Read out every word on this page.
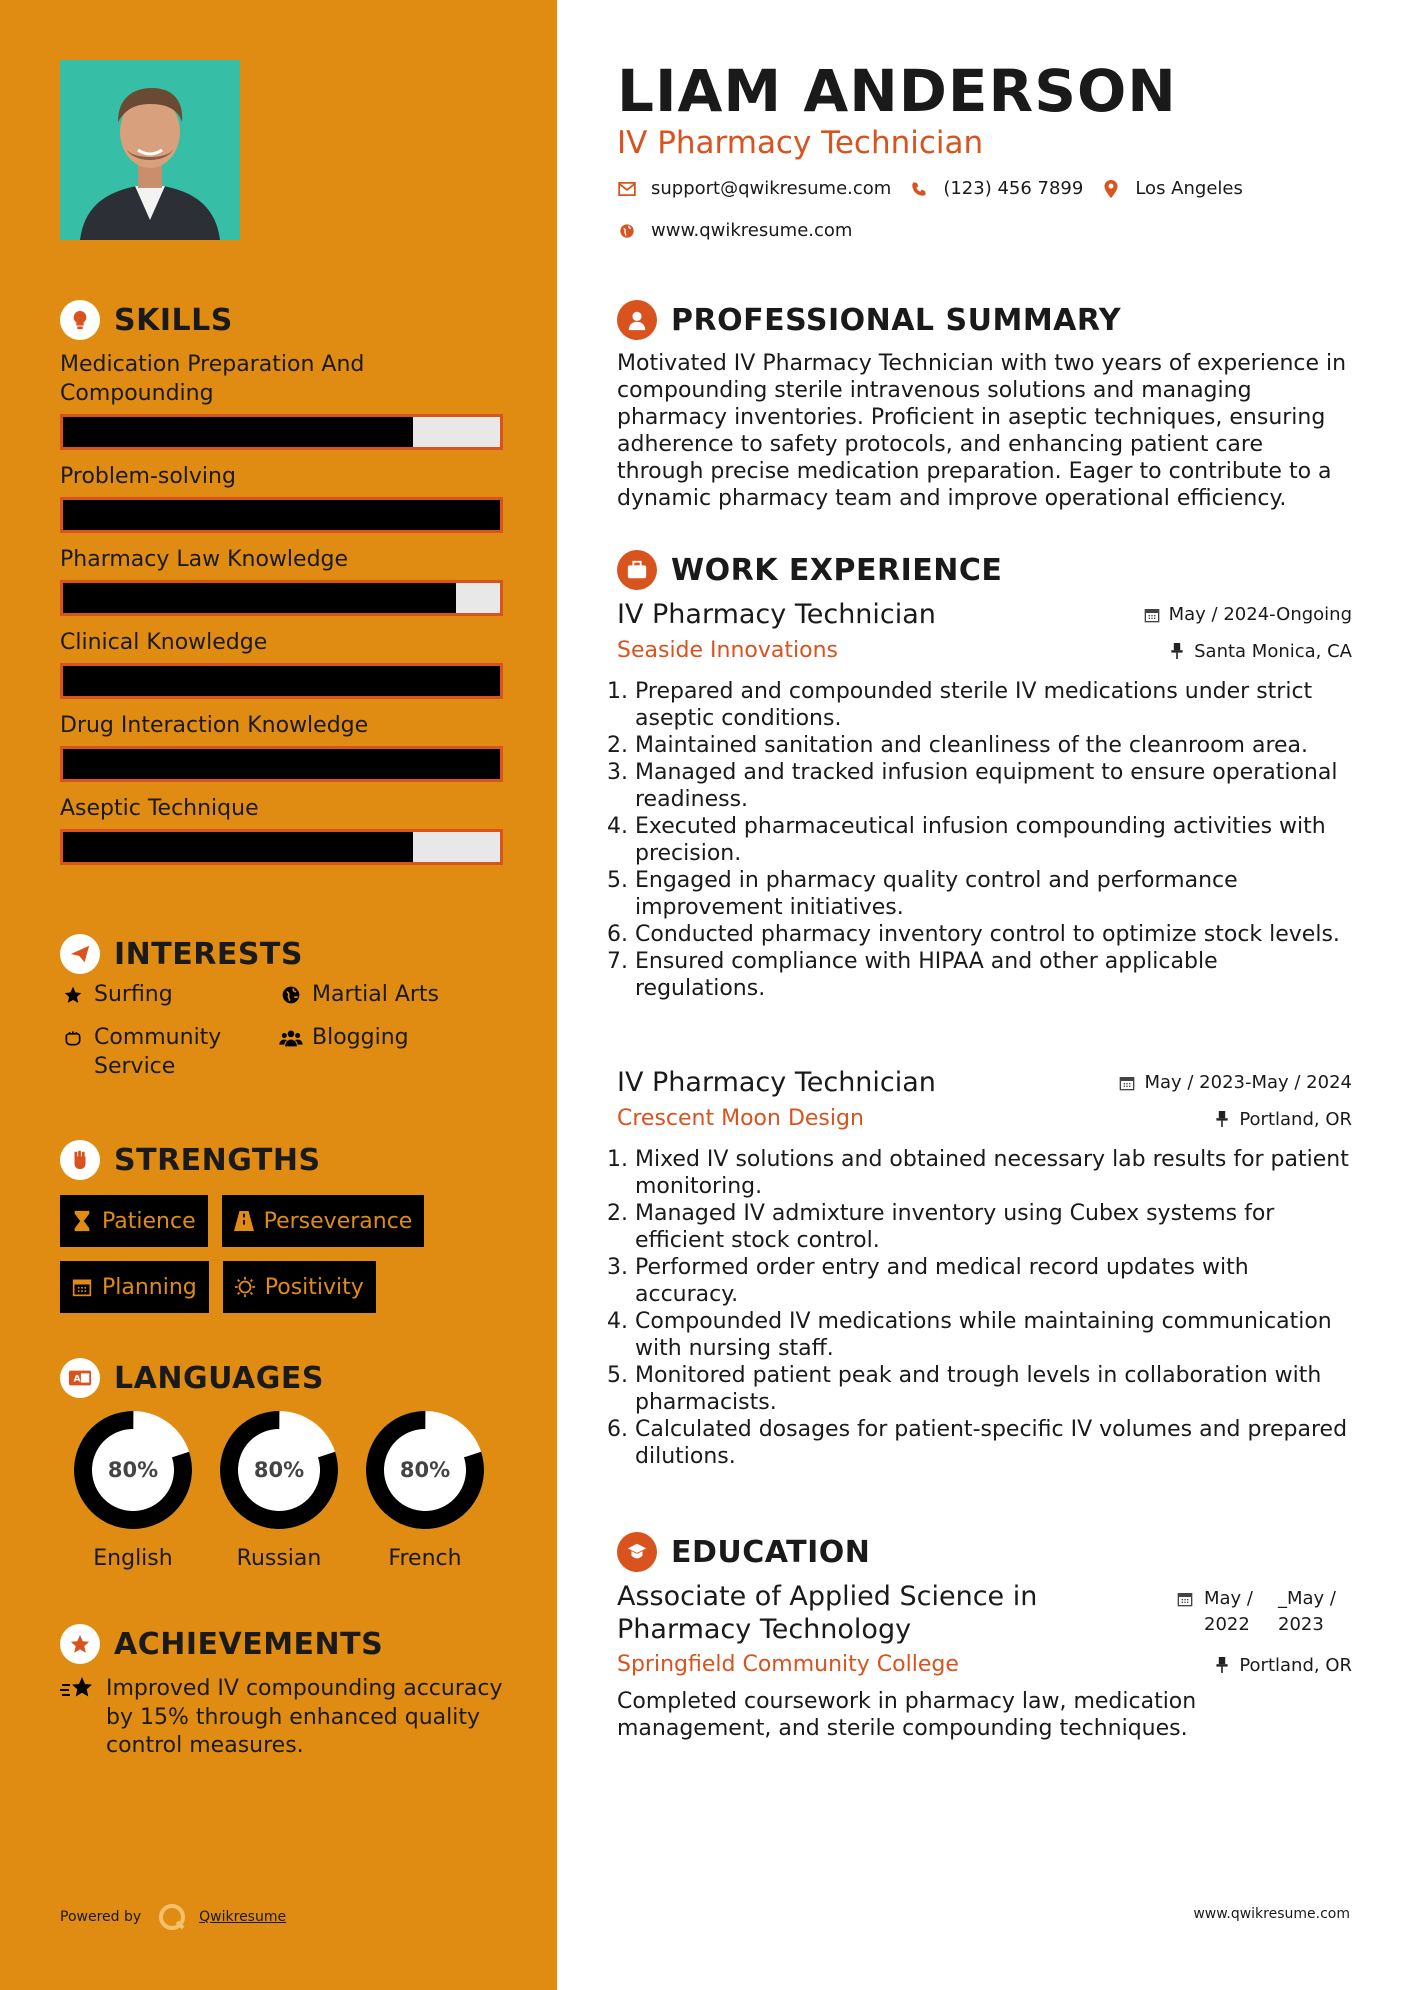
SKILLS
Medication Preparation And Compounding
Problem-solving
Pharmacy Law Knowledge
Clinical Knowledge
Drug Interaction Knowledge
Aseptic Technique
INTERESTS
Surfing	Martial Arts
Community Service
Blogging
STRENGTHS
Patience	Perseverance
Planning	Positivity
A LANGUAGES
80%
English
80%
Russian
80%
French
ACHIEVEMENTS
Improved IV compounding accuracy by 15% through enhanced quality control measures.
Powered by	Qwikresume
LIAM ANDERSON
IV Pharmacy Technician
support@qwikresume.com	(123) 456 7899	Los Angeles
www.qwikresume.com
PROFESSIONAL SUMMARY
Motivated IV Pharmacy Technician with two years of experience in compounding sterile intravenous solutions and managing pharmacy inventories. Proficient in aseptic techniques, ensuring adherence to safety protocols, and enhancing patient care through precise medication preparation. Eager to contribute to a dynamic pharmacy team and improve operational efficiency.
WORK EXPERIENCE
IV Pharmacy Technician	May / 2024-Ongoing
Seaside Innovations	Santa Monica, CA
1. Prepared and compounded sterile IV medications under strict aseptic conditions.
2. Maintained sanitation and cleanliness of the cleanroom area.
3. Managed and tracked infusion equipment to ensure operational readiness.
4. Executed pharmaceutical infusion compounding activities with precision.
5. Engaged in pharmacy quality control and performance improvement initiatives.
6. Conducted pharmacy inventory control to optimize stock levels.
7. Ensured compliance with HIPAA and other applicable regulations.
IV Pharmacy Technician	May / 2023-May / 2024
Crescent Moon Design	Portland, OR
1. Mixed IV solutions and obtained necessary lab results for patient monitoring.
2. Managed IV admixture inventory using Cubex systems for efficient stock control.
3. Performed order entry and medical record updates with accuracy.
4. Compounded IV medications while maintaining communication with nursing staff.
5. Monitored patient peak and trough levels in collaboration with pharmacists.
6. Calculated dosages for patient-specific IV volumes and prepared dilutions.
EDUCATION
Associate of Applied Science in Pharmacy Technology
May / 2022
_May / 2023
Springfield Community College	Portland, OR
Completed coursework in pharmacy law, medication management, and sterile compounding techniques.
www.qwikresume.com
